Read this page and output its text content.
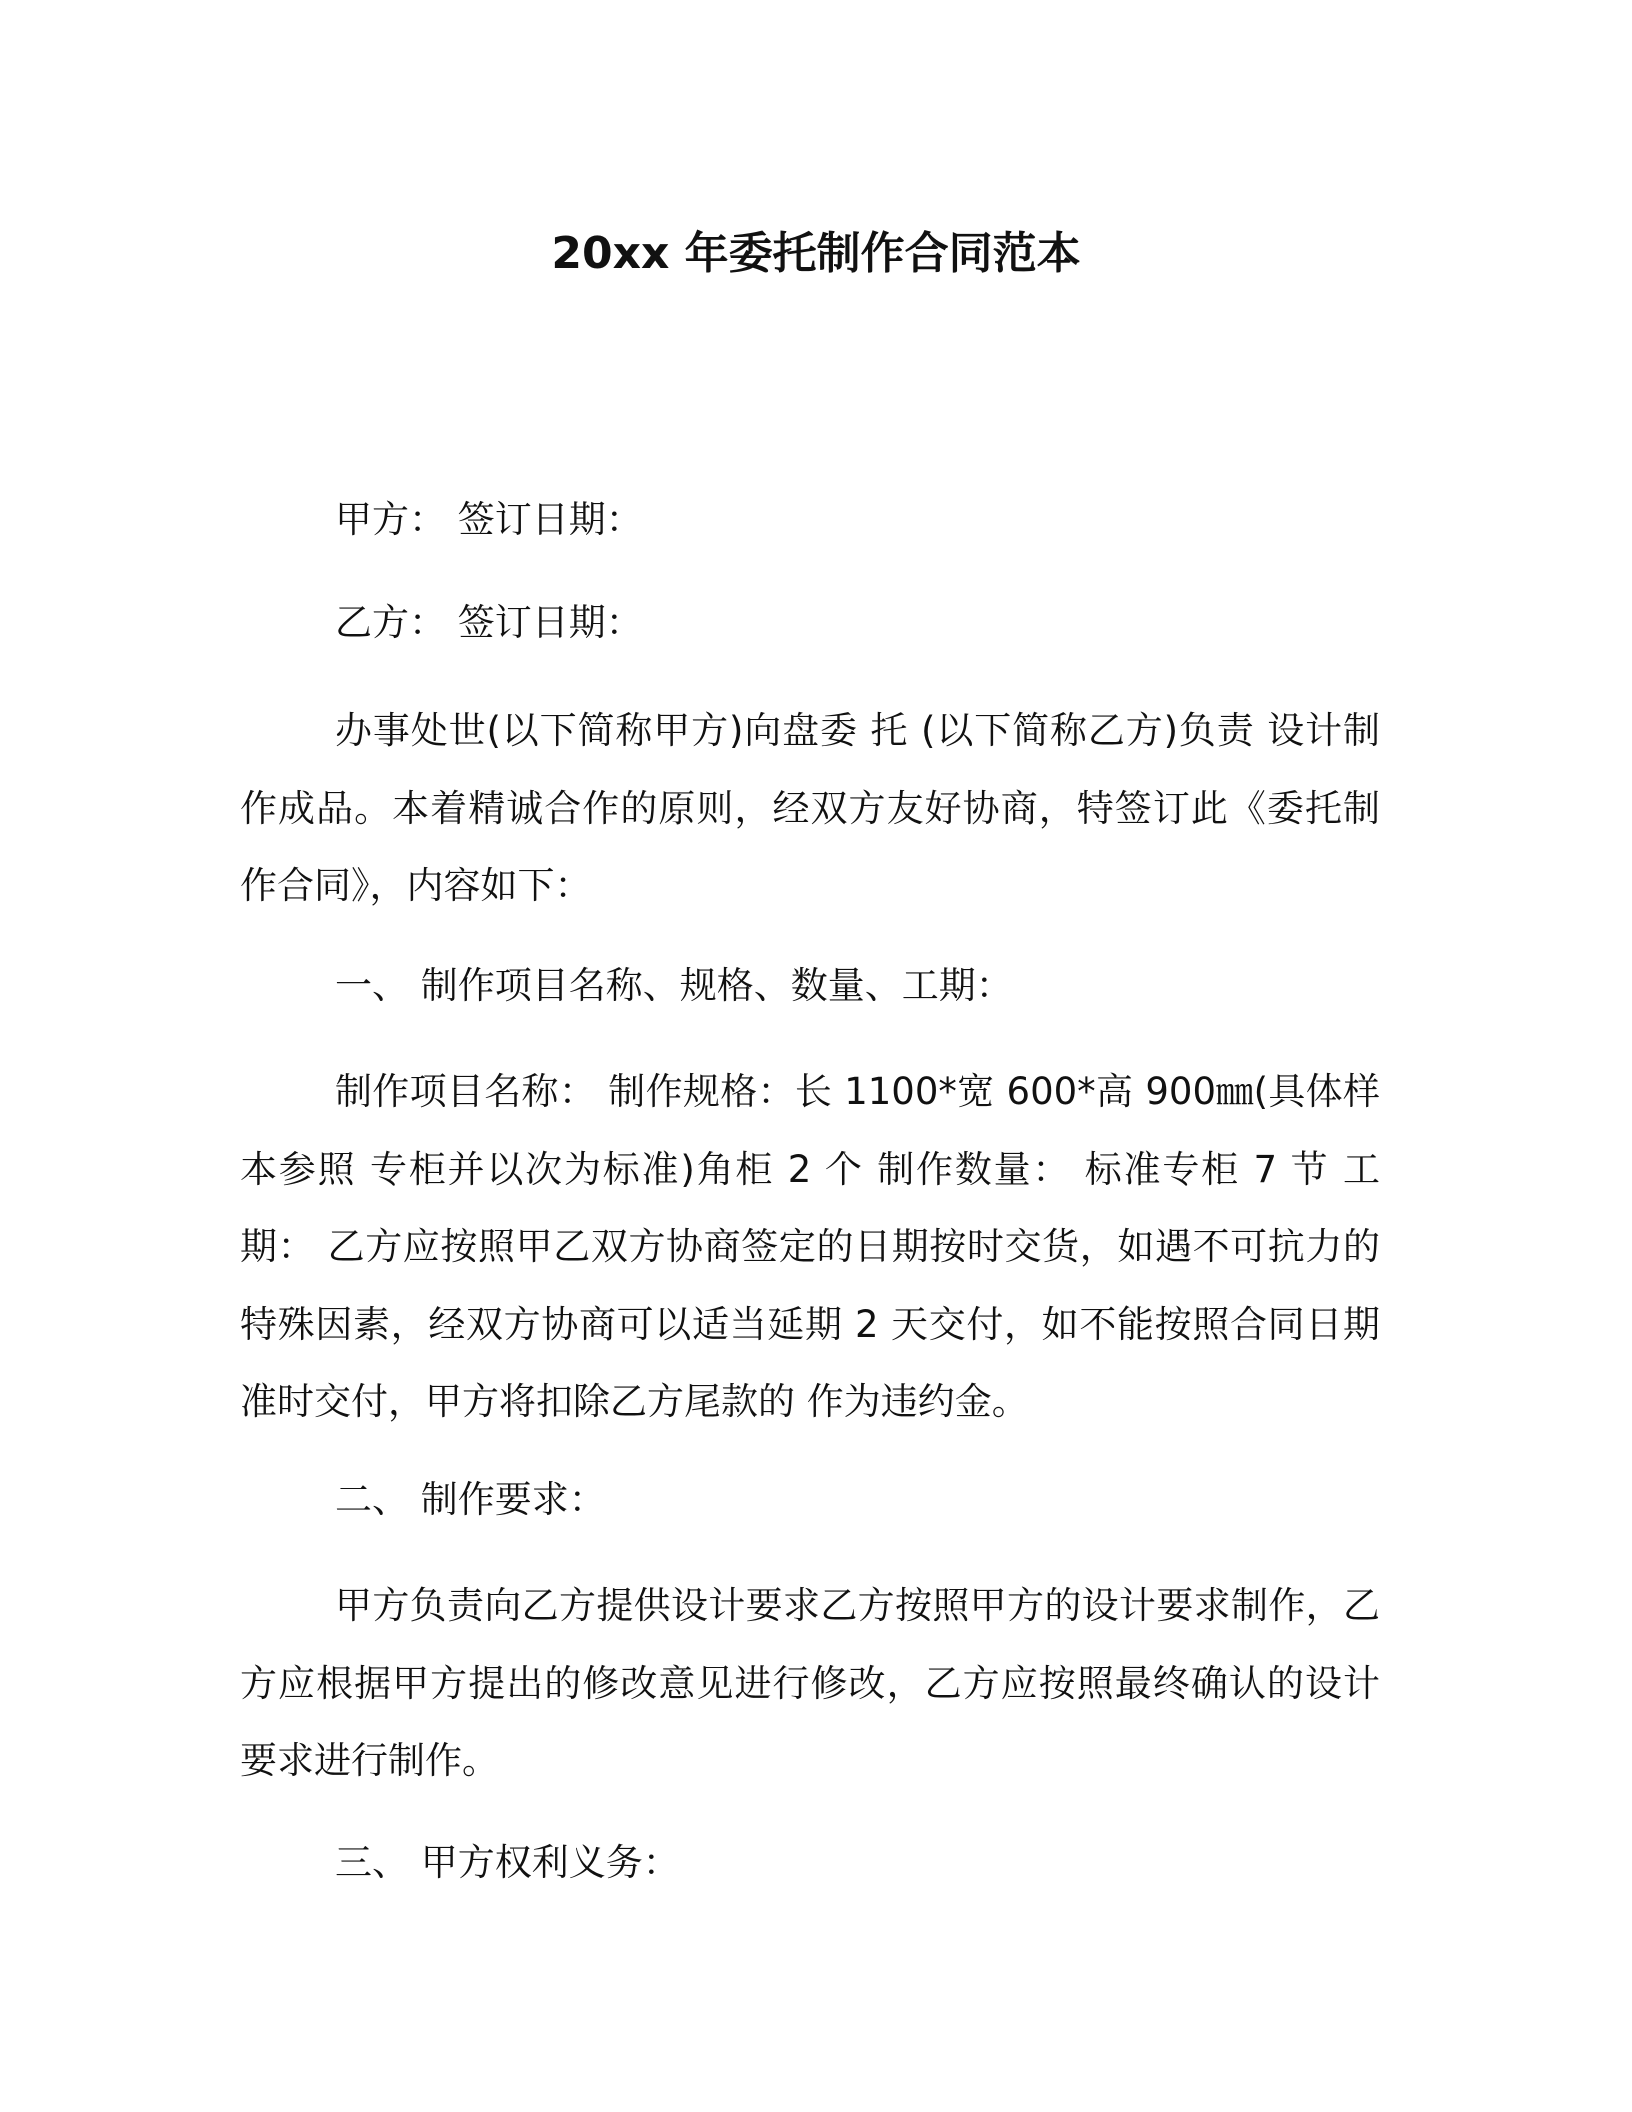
20xx 年委托制作合同范本
甲方： 签订日期：
乙方： 签订日期：
办事处世(以下简称甲方)向盘委 托 (以下简称乙方)负责 设计制作成品。本着精诚合作的原则，经双方友好协商，特签订此《委托制作合同》，内容如下：
一、 制作项目名称、规格、数量、工期：
制作项目名称： 制作规格：长 1100*宽 600*高 900㎜(具体样本参照 专柜并以次为标准)角柜 2 个 制作数量： 标准专柜 7 节 工期： 乙方应按照甲乙双方协商签定的日期按时交货，如遇不可抗力的特殊因素，经双方协商可以适当延期 2 天交付，如不能按照合同日期准时交付，甲方将扣除乙方尾款的 作为违约金。
二、 制作要求：
甲方负责向乙方提供设计要求乙方按照甲方的设计要求制作，乙方应根据甲方提出的修改意见进行修改，乙方应按照最终确认的设计要求进行制作。
三、 甲方权利义务：
